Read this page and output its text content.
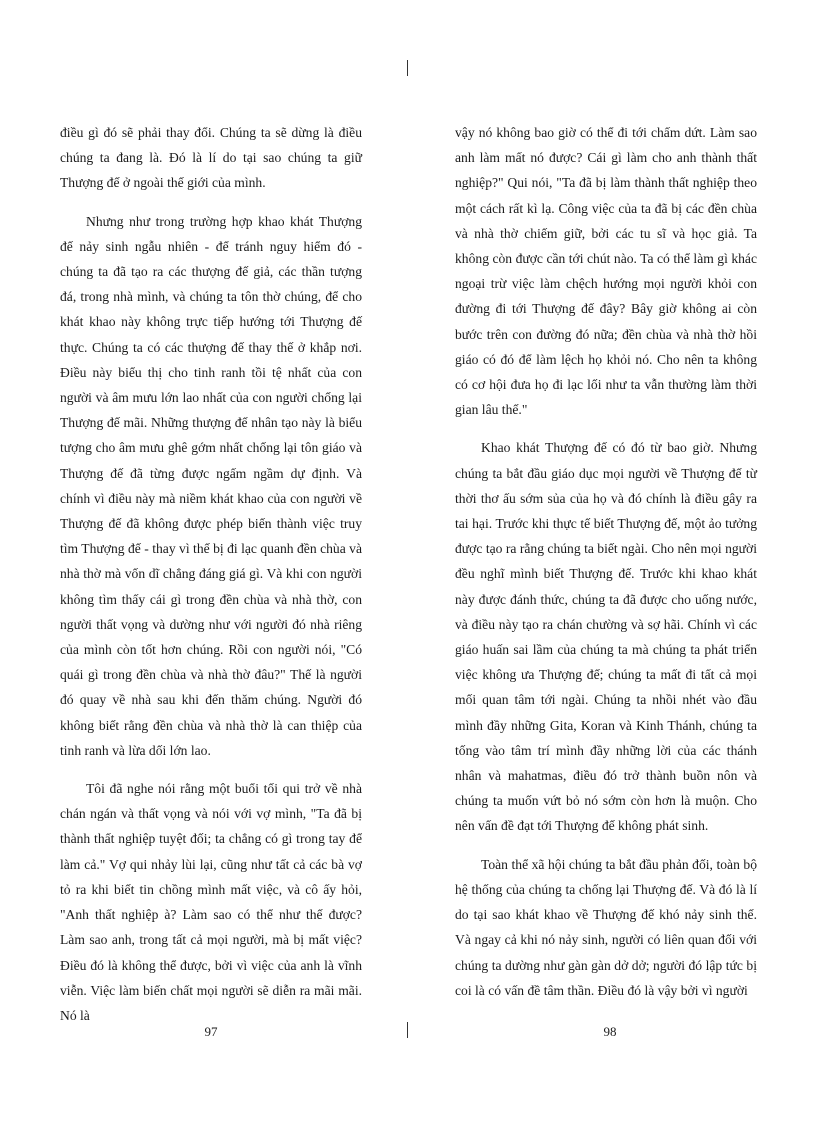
điều gì đó sẽ phải thay đổi. Chúng ta sẽ dừng là điều chúng ta đang là. Đó là lí do tại sao chúng ta giữ Thượng đế ở ngoài thế giới của mình.

Nhưng như trong trường hợp khao khát Thượng đế nảy sinh ngẫu nhiên - để tránh nguy hiểm đó - chúng ta đã tạo ra các thượng đế giả, các thần tượng đá, trong nhà mình, và chúng ta tôn thờ chúng, để cho khát khao này không trực tiếp hướng tới Thượng đế thực. Chúng ta có các thượng đế thay thế ở khắp nơi. Điều này biểu thị cho tinh ranh tồi tệ nhất của con người và âm mưu lớn lao nhất của con người chống lại Thượng đế mãi. Những thượng đế nhân tạo này là biểu tượng cho âm mưu ghê gớm nhất chống lại tôn giáo và Thượng đế đã từng được ngấm ngầm dự định. Và chính vì điều này mà niềm khát khao của con người về Thượng đế đã không được phép biến thành việc truy tìm Thượng đế - thay vì thế bị đi lạc quanh đền chùa và nhà thờ mà vốn dĩ chẳng đáng giá gì. Và khi con người không tìm thấy cái gì trong đền chùa và nhà thờ, con người thất vọng và dường như với người đó nhà riêng của mình còn tốt hơn chúng. Rồi con người nói, "Có quái gì trong đền chùa và nhà thờ đâu?" Thế là người đó quay về nhà sau khi đến thăm chúng. Người đó không biết rằng đền chùa và nhà thờ là can thiệp của tinh ranh và lừa dối lớn lao.

Tôi đã nghe nói rằng một buổi tối qui trở về nhà chán ngán và thất vọng và nói với vợ mình, "Ta đã bị thành thất nghiệp tuyệt đối; ta chẳng có gì trong tay để làm cả." Vợ qui nhảy lùi lại, cũng như tất cả các bà vợ tỏ ra khi biết tin chồng mình mất việc, và cô ấy hỏi, "Anh thất nghiệp à? Làm sao có thể như thế được? Làm sao anh, trong tất cả mọi người, mà bị mất việc? Điều đó là không thể được, bởi vì việc của anh là vĩnh viễn. Việc làm biến chất mọi người sẽ diễn ra mãi mãi. Nó là

vậy nó không bao giờ có thể đi tới chấm dứt. Làm sao anh làm mất nó được? Cái gì làm cho anh thành thất nghiệp?" Qui nói, "Ta đã bị làm thành thất nghiệp theo một cách rất kì lạ. Công việc của ta đã bị các đền chùa và nhà thờ chiếm giữ, bởi các tu sĩ và học giả. Ta không còn được cần tới chút nào. Ta có thể làm gì khác ngoại trừ việc làm chệch hướng mọi người khỏi con đường đi tới Thượng đế đây? Bây giờ không ai còn bước trên con đường đó nữa; đền chùa và nhà thờ hồi giáo có đó để làm lệch họ khỏi nó. Cho nên ta không có cơ hội đưa họ đi lạc lối như ta vẫn thường làm thời gian lâu thế."

Khao khát Thượng đế có đó từ bao giờ. Nhưng chúng ta bắt đầu giáo dục mọi người về Thượng đế từ thời thơ ấu sớm sủa của họ và đó chính là điều gây ra tai hại. Trước khi thực tế biết Thượng đế, một ảo tưởng được tạo ra rằng chúng ta biết ngài. Cho nên mọi người đều nghĩ mình biết Thượng đế. Trước khi khao khát này được đánh thức, chúng ta đã được cho uống nước, và điều này tạo ra chán chường và sợ hãi. Chính vì các giáo huấn sai lầm của chúng ta mà chúng ta phát triển việc không ưa Thượng đế; chúng ta mất đi tất cả mọi mối quan tâm tới ngài. Chúng ta nhồi nhét vào đầu mình đầy những Gita, Koran và Kinh Thánh, chúng ta tống vào tâm trí mình đầy những lời của các thánh nhân và mahatmas, điều đó trở thành buồn nôn và chúng ta muốn vứt bỏ nó sớm còn hơn là muộn. Cho nên vấn đề đạt tới Thượng đế không phát sinh.

Toàn thể xã hội chúng ta bắt đầu phản đối, toàn bộ hệ thống của chúng ta chống lại Thượng đế. Và đó là lí do tại sao khát khao về Thượng đế khó nảy sinh thế. Và ngay cả khi nó nảy sinh, người có liên quan đối với chúng ta dường như gàn gàn dở dở; người đó lập tức bị coi là có vấn đề tâm thần. Điều đó là vậy bởi vì người

97	98
